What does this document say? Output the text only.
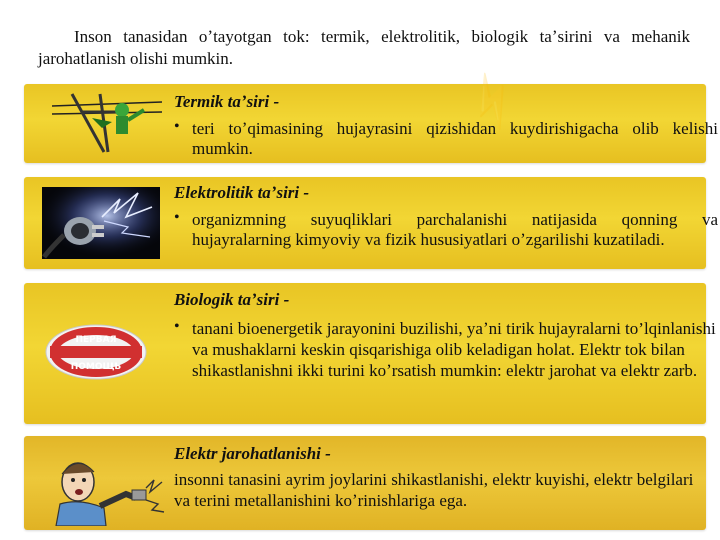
Inson tanasidan oʼtayotgan tok: termik, elektrolitik, biologik taʼsirini va mehanik jarohatlanish olishi mumkin.

⚡

Termik taʼsiri -

• teri toʼqimasining hujayrasini qizishidan kuydirishigacha olib kelishi mumkin.

Elektrolitik taʼsiri -

• organizmning suyuqliklari parchalanishi natijasida qonning va hujayralarning kimyoviy va fizik hususiyatlari oʼzgarilishi kuzatiladi.

ПЕРВАЯ
ПОМОЩЬ

Biologik taʼsiri -

• tanani bioenergetik jarayonini buzilishi, yaʼni tirik hujayralarni to’lqinlanishi va mushaklarni keskin qisqarishiga olib keladigan holat. Elektr tok bilan shikastlanishni ikki turini koʼrsatish mumkin: elektr jarohat va elektr zarb.

Elektr jarohatlanishi -

insonni tanasini ayrim joylarini shikastlanishi, elektr kuyishi, elektr belgilari va terini metallanishini koʼrinishlariga ega.
